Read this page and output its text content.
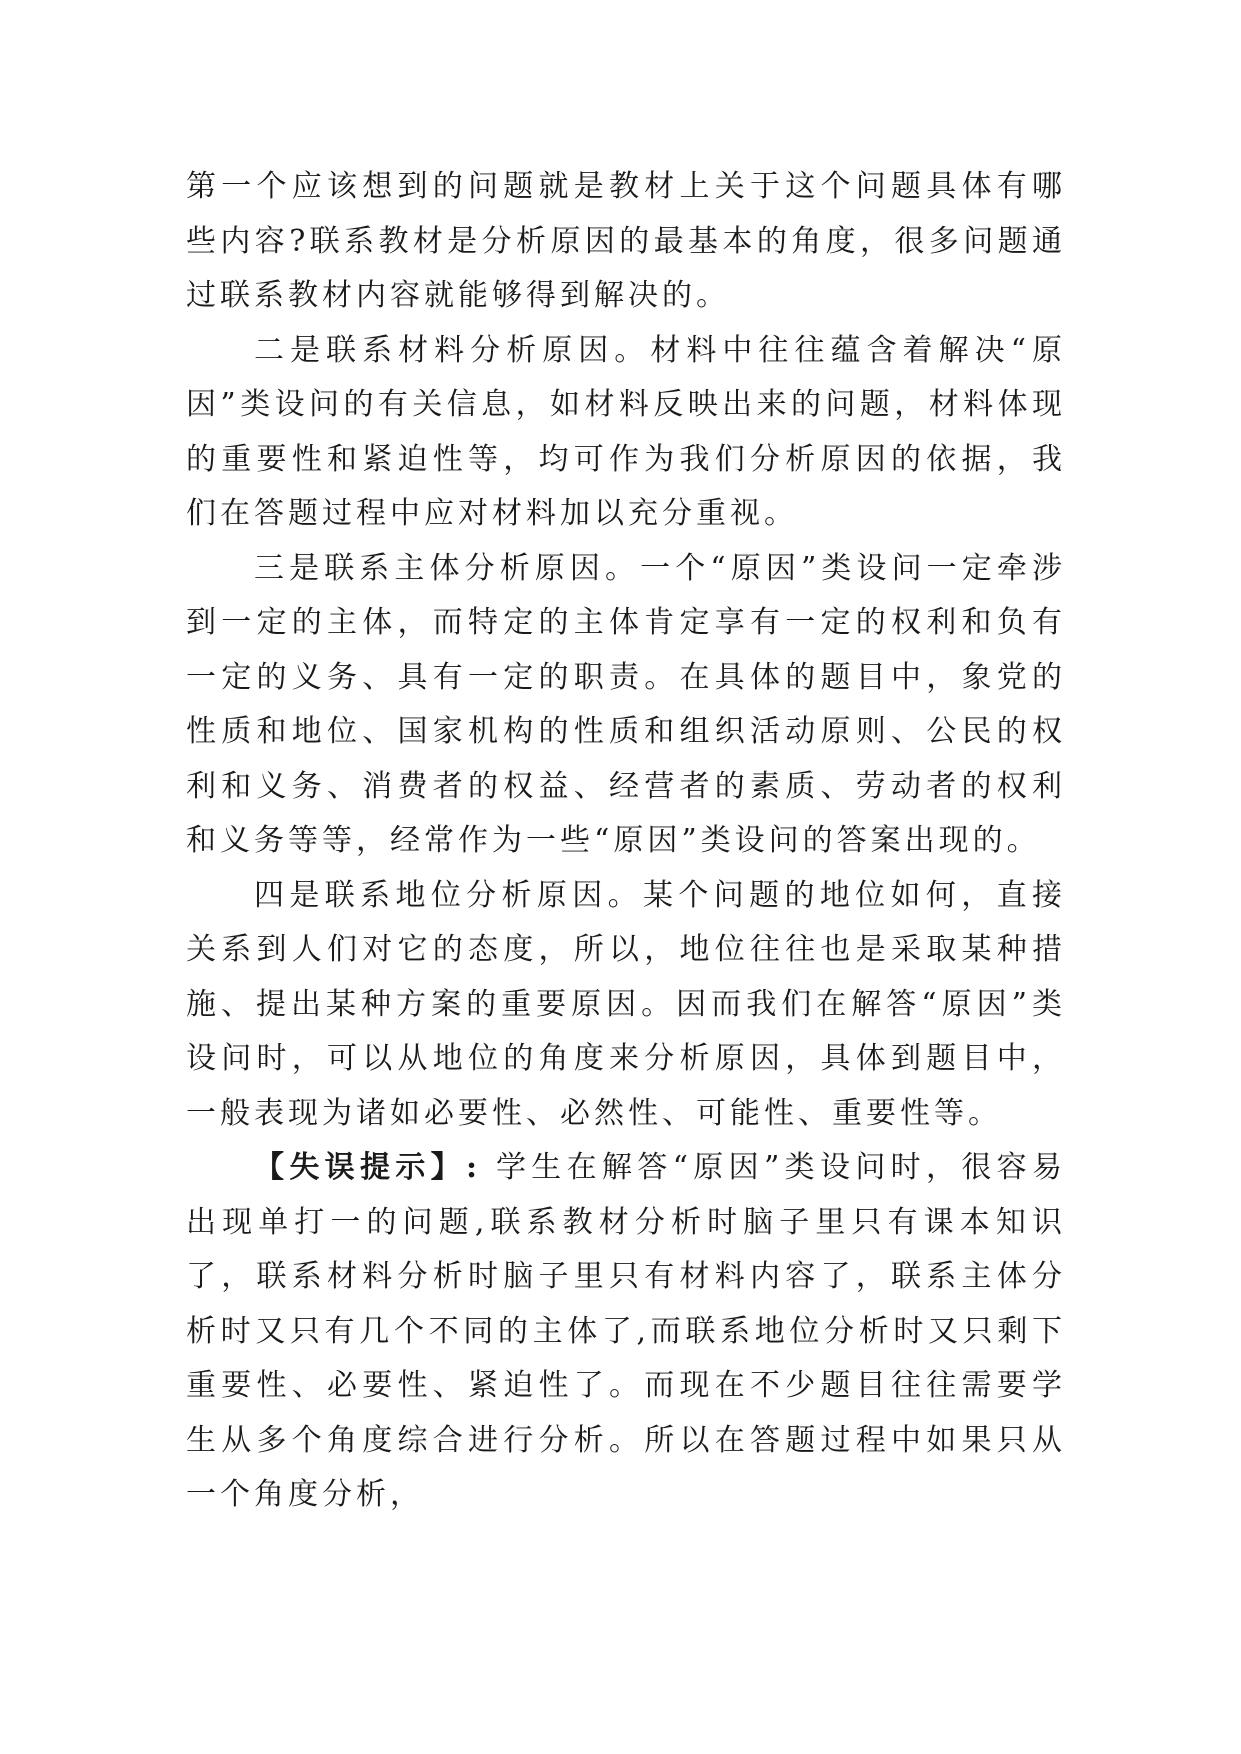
第一个应该想到的问题就是教材上关于这个问题具体有哪些内容?联系教材是分析原因的最基本的角度，很多问题通过联系教材内容就能够得到解决的。

二是联系材料分析原因。材料中往往蕴含着解决“原因”类设问的有关信息，如材料反映出来的问题，材料体现的重要性和紧迫性等，均可作为我们分析原因的依据，我们在答题过程中应对材料加以充分重视。

三是联系主体分析原因。一个“原因”类设问一定牵涉到一定的主体，而特定的主体肯定享有一定的权利和负有一定的义务、具有一定的职责。在具体的题目中，象党的性质和地位、国家机构的性质和组织活动原则、公民的权利和义务、消费者的权益、经营者的素质、劳动者的权利和义务等等，经常作为一些“原因”类设问的答案出现的。

四是联系地位分析原因。某个问题的地位如何，直接关系到人们对它的态度，所以，地位往往也是采取某种措施、提出某种方案的重要原因。因而我们在解答“原因”类设问时，可以从地位的角度来分析原因，具体到题目中，一般表现为诸如必要性、必然性、可能性、重要性等。

【失误提示】: 学生在解答“原因”类设问时，很容易出现单打一的问题,联系教材分析时脑子里只有课本知识了，联系材料分析时脑子里只有材料内容了，联系主体分析时又只有几个不同的主体了,而联系地位分析时又只剩下重要性、必要性、紧迫性了。而现在不少题目往往需要学生从多个角度综合进行分析。所以在答题过程中如果只从一个角度分析，
